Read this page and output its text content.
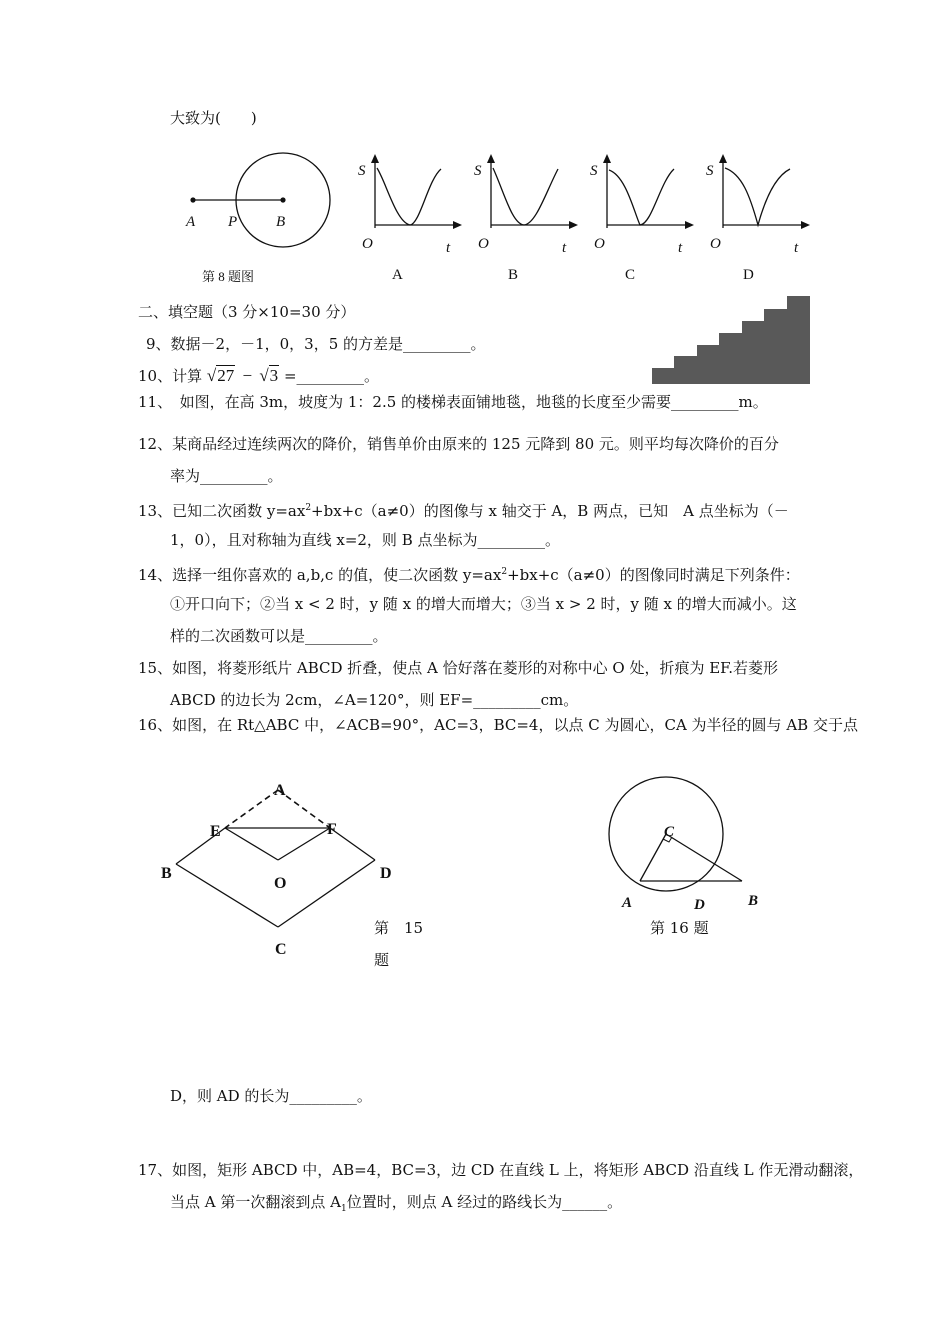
大致为(　　)
A P	B
第 8 题图
S
O	t
A
S
O	t
B
S
O	t
C
S
O	t
D
二、填空题（3 分×10=30 分）
9、数据－2，－1，0，3，5 的方差是_________。
10、计算 √27 − √3 =_________。
11、　如图，在高 3m，坡度为 1：2.5 的楼梯表面铺地毯，地毯的长度至少需要_________m。
12、某商品经过连续两次的降价，销售单价由原来的 125 元降到 80 元。则平均每次降价的百分
率为_________。
13、已知二次函数 $y=ax^2+bx+c(a\ne 0)$的图像与 x 轴交于 A，B 两点，已知　A 点坐标为（－
1，0），且对称轴为直线 x=2，则 B 点坐标为_________。
14、选择一组你喜欢的 a,b,c 的值，使二次函数 $y=ax^2+bx+c(a\ne 0)$的图像同时满足下列条件：
①开口向下；②当 x < 2 时，y 随 x 的增大而增大；③当 x > 2 时，y 随 x 的增大而减小。这
样的二次函数可以是_________。
15、如图，将菱形纸片 ABCD 折叠，使点 A 恰好落在菱形的对称中心 O 处，折痕为 EF.若菱形
ABCD 的边长为 2cm，∠A=120°，则 EF=_________cm。
16、如图，在 Rt△ABC 中，∠ACB=90°，AC=3，BC=4，以点 C 为圆心，CA 为半径的圆与 AB 交于点
A
E	F
B
O
D
C
第　15
题
C
A	D	B
第 16 题
D，则 AD 的长为_________。
17、如图，矩形 ABCD 中，AB=4，BC=3，边 CD 在直线 L 上，将矩形 ABCD 沿直线 L 作无滑动翻滚，
当点 A 第一次翻滚到点 $A_1$位置时，则点 A 经过的路线长为______。
